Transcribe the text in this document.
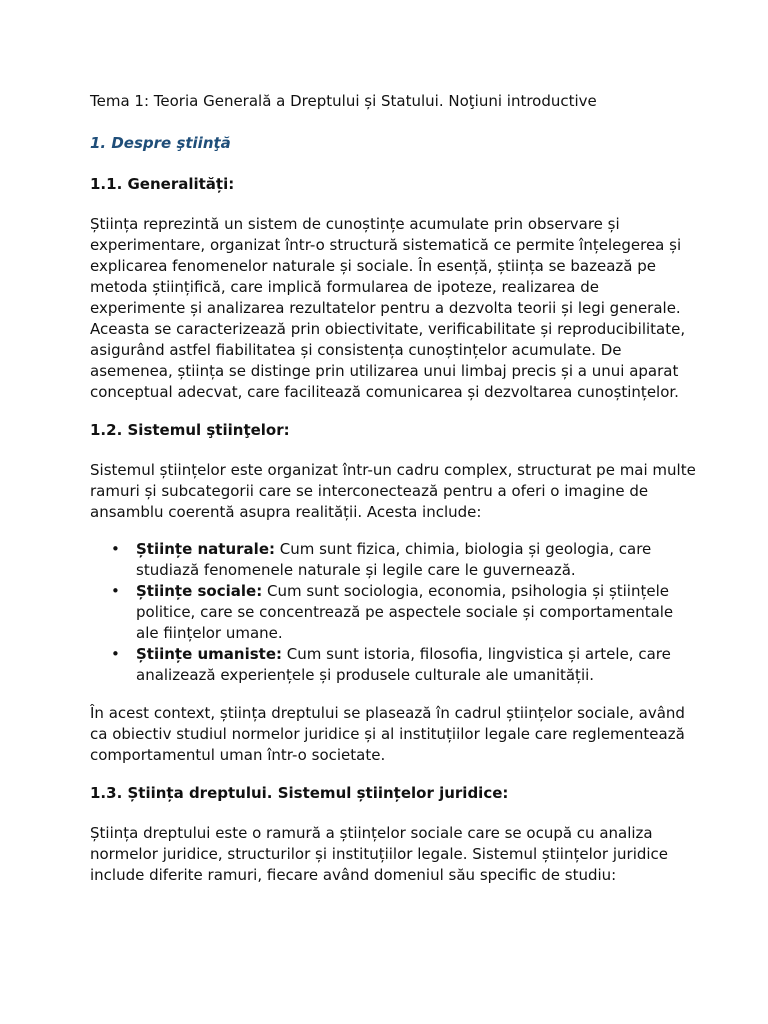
Tema 1: Teoria Generală a Dreptului și Statului. Noţiuni introductive

1. Despre ştiinţă

1.1. Generalități:

Știința reprezintă un sistem de cunoștințe acumulate prin observare și experimentare, organizat într-o structură sistematică ce permite înțelegerea și explicarea fenomenelor naturale și sociale. În esență, știința se bazează pe metoda științifică, care implică formularea de ipoteze, realizarea de experimente și analizarea rezultatelor pentru a dezvolta teorii și legi generale. Aceasta se caracterizează prin obiectivitate, verificabilitate și reproducibilitate, asigurând astfel fiabilitatea și consistența cunoștințelor acumulate. De asemenea, știința se distinge prin utilizarea unui limbaj precis și a unui aparat conceptual adecvat, care facilitează comunicarea și dezvoltarea cunoștințelor.

1.2. Sistemul ştiinţelor:

Sistemul științelor este organizat într-un cadru complex, structurat pe mai multe ramuri și subcategorii care se interconectează pentru a oferi o imagine de ansamblu coerentă asupra realității. Acesta include:

• Științe naturale: Cum sunt fizica, chimia, biologia și geologia, care studiază fenomenele naturale și legile care le guvernează.
• Științe sociale: Cum sunt sociologia, economia, psihologia și științele politice, care se concentrează pe aspectele sociale și comportamentale ale ființelor umane.
• Științe umaniste: Cum sunt istoria, filosofia, lingvistica și artele, care analizează experiențele și produsele culturale ale umanității.

În acest context, știința dreptului se plasează în cadrul științelor sociale, având ca obiectiv studiul normelor juridice și al instituțiilor legale care reglementează comportamentul uman într-o societate.

1.3. Știința dreptului. Sistemul științelor juridice:

Știința dreptului este o ramură a științelor sociale care se ocupă cu analiza normelor juridice, structurilor și instituțiilor legale. Sistemul științelor juridice include diferite ramuri, fiecare având domeniul său specific de studiu:
